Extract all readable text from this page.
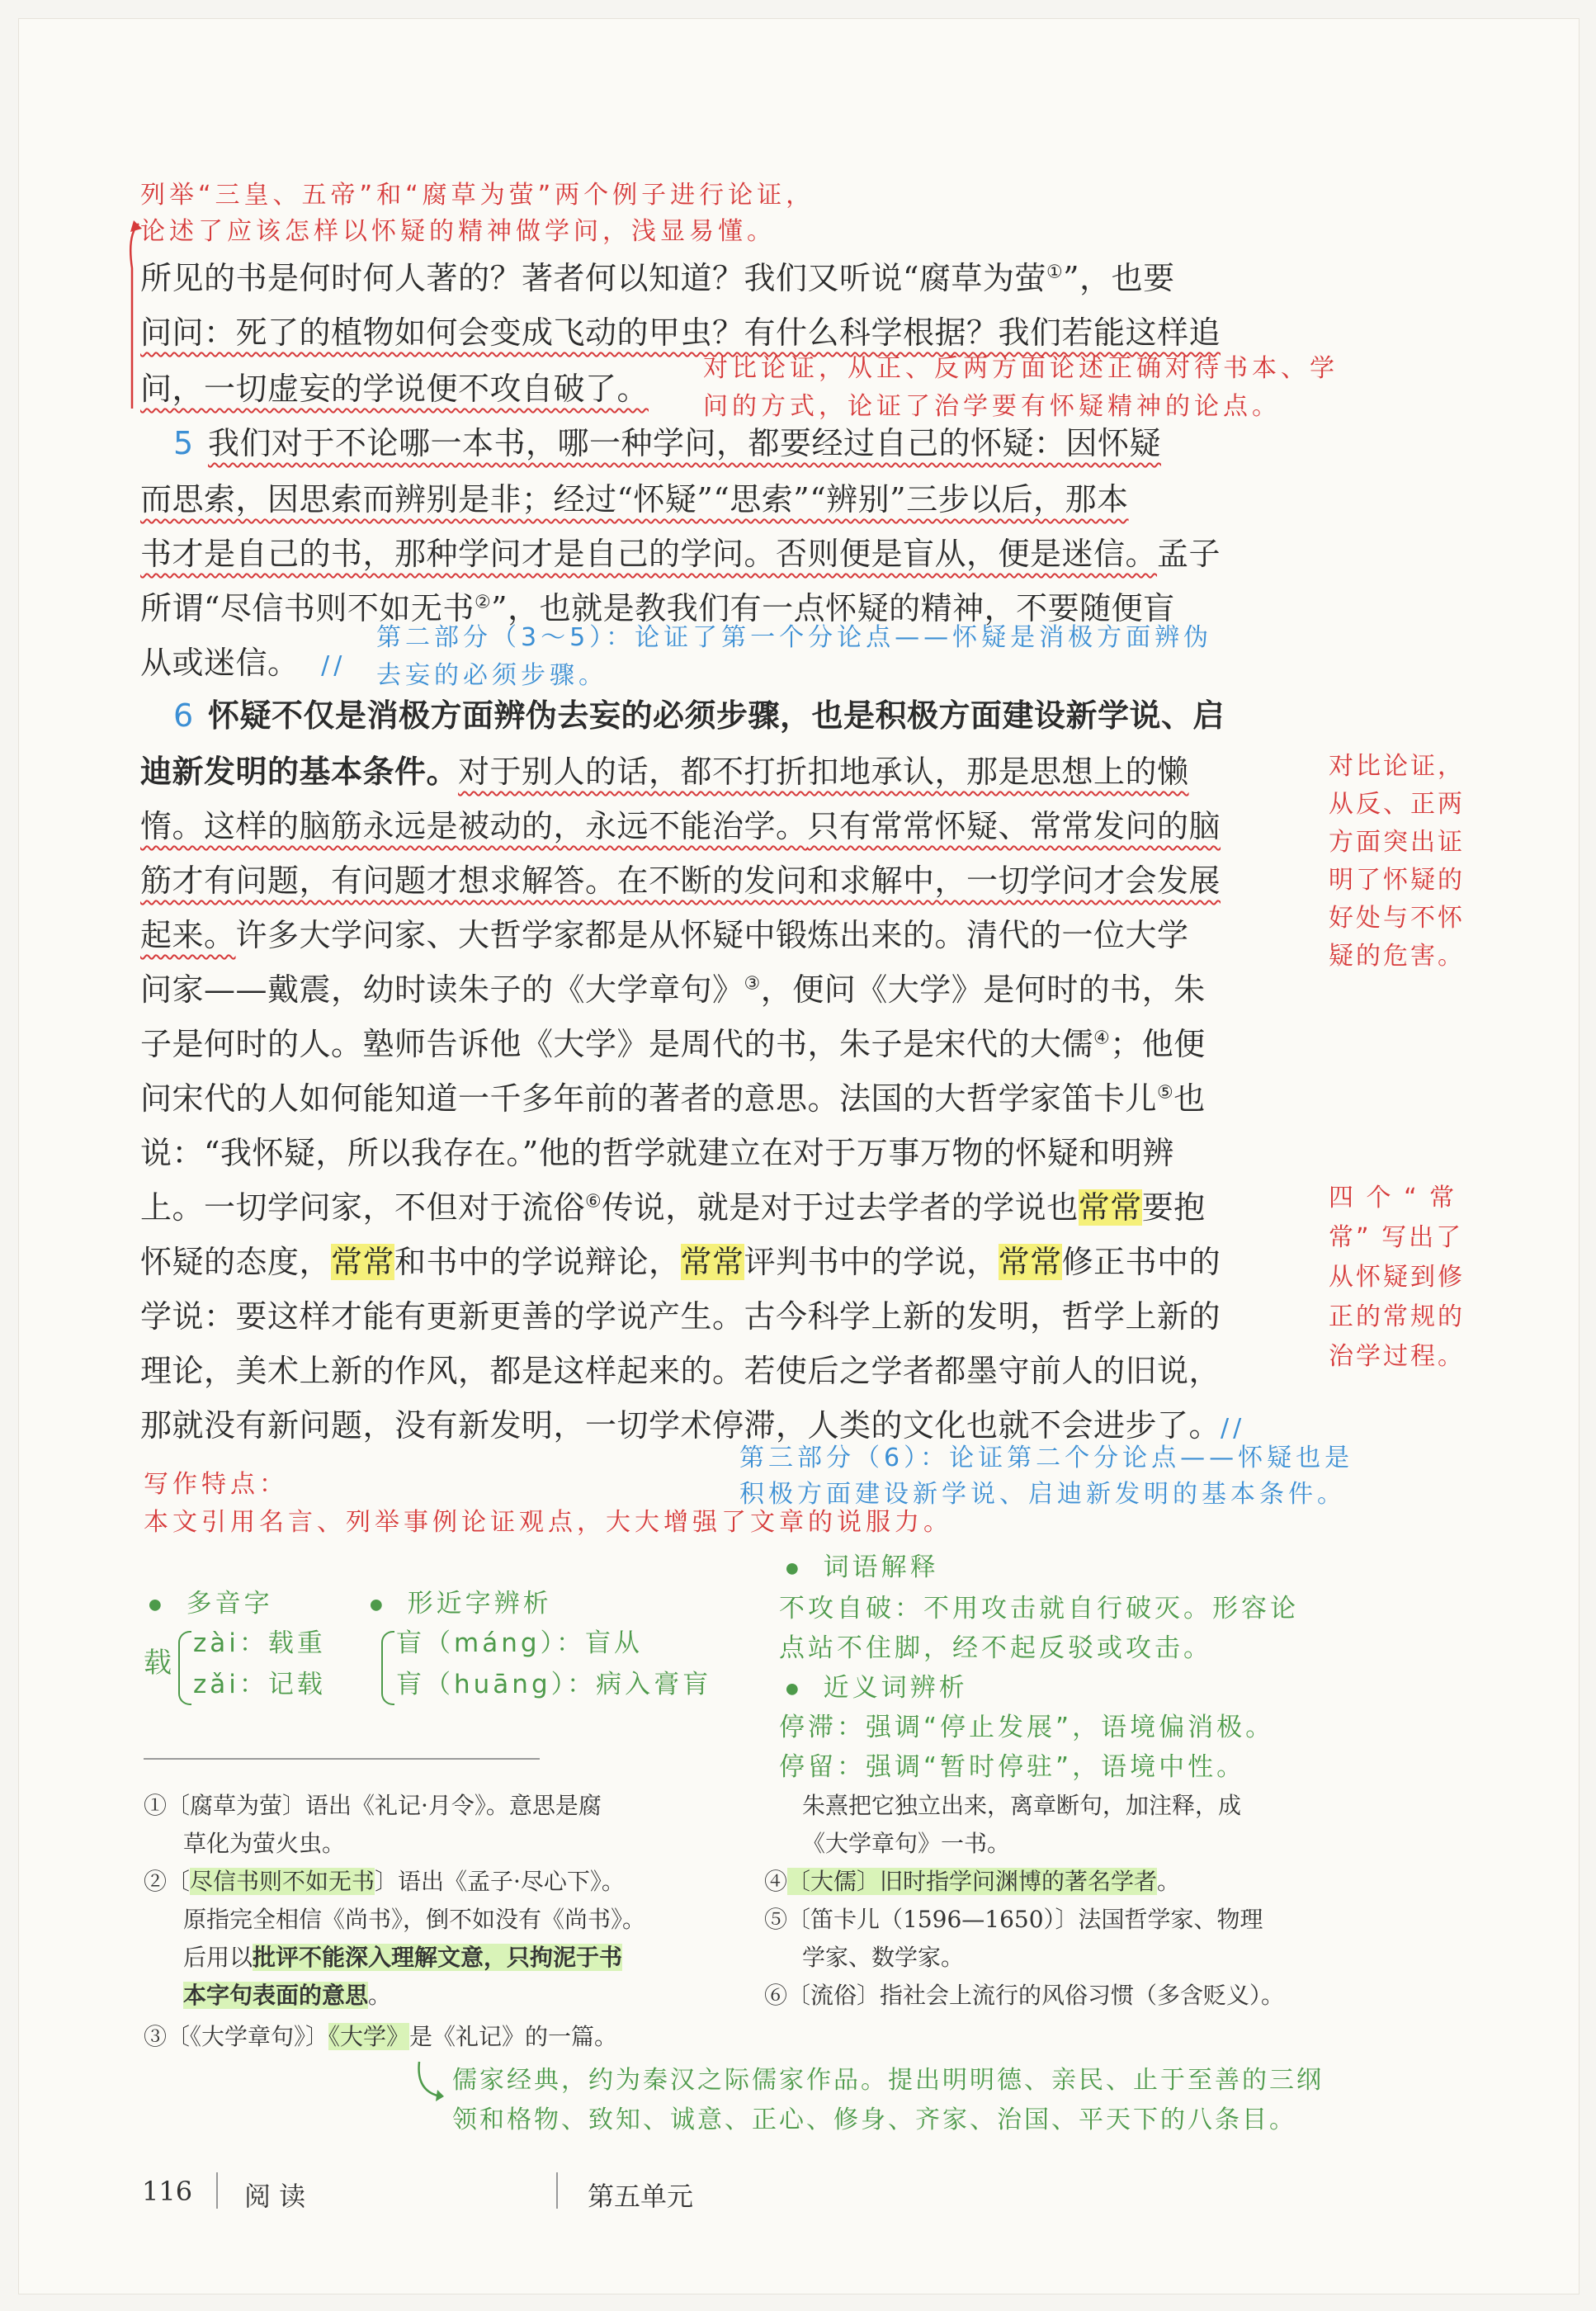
列举“三皇、五帝”和“腐草为萤”两个例子进行论证，
论述了应该怎样以怀疑的精神做学问，浅显易懂。
所见的书是何时何人著的？著者何以知道？我们又听说“腐草为萤①”，也要
问问：死了的植物如何会变成飞动的甲虫？有什么科学根据？我们若能这样追
问，一切虚妄的学说便不攻自破了。
对比论证，从正、反两方面论述正确对待书本、学
问的方式，论证了治学要有怀疑精神的论点。
5 我们对于不论哪一本书，哪一种学问，都要经过自己的怀疑：因怀疑
而思索，因思索而辨别是非；经过“怀疑”“思索”“辨别”三步以后，那本
书才是自己的书，那种学问才是自己的学问。否则便是盲从，便是迷信。孟子
所谓“尽信书则不如无书②”，也就是教我们有一点怀疑的精神，不要随便盲
从或迷信。 //
第二部分（3～5）：论证了第一个分论点——怀疑是消极方面辨伪
去妄的必须步骤。
6 怀疑不仅是消极方面辨伪去妄的必须步骤，也是积极方面建设新学说、启
迪新发明的基本条件。对于别人的话，都不打折扣地承认，那是思想上的懒
惰。这样的脑筋永远是被动的，永远不能治学。只有常常怀疑、常常发问的脑
筋才有问题，有问题才想求解答。在不断的发问和求解中，一切学问才会发展
起来。许多大学问家、大哲学家都是从怀疑中锻炼出来的。清代的一位大学
问家——戴震，幼时读朱子的《大学章句》③，便问《大学》是何时的书，朱
子是何时的人。塾师告诉他《大学》是周代的书，朱子是宋代的大儒④；他便
问宋代的人如何能知道一千多年前的著者的意思。法国的大哲学家笛卡儿⑤也
说：“我怀疑，所以我存在。”他的哲学就建立在对于万事万物的怀疑和明辨
上。一切学问家，不但对于流俗⑥传说，就是对于过去学者的学说也常常要抱
怀疑的态度，常常和书中的学说辩论，常常评判书中的学说，常常修正书中的
学说：要这样才能有更新更善的学说产生。古今科学上新的发明，哲学上新的
理论，美术上新的作风，都是这样起来的。若使后之学者都墨守前人的旧说，
那就没有新问题，没有新发明，一切学术停滞，人类的文化也就不会进步了。//
对比论证，
从反、正两
方面突出证
明了怀疑的
好处与不怀
疑的危害。
四 个 “ 常
常” 写出了
从怀疑到修
正的常规的
治学过程。
第三部分（6）：论证第二个分论点——怀疑也是
积极方面建设新学说、启迪新发明的基本条件。
写作特点：
本文引用名言、列举事例论证观点，大大增强了文章的说服力。
● 多音字
载
zài：载重
zǎi：记载
● 形近字辨析
盲（máng）：盲从
肓（huāng）：病入膏肓
● 词语解释
不攻自破：不用攻击就自行破灭。形容论
点站不住脚，经不起反驳或攻击。
● 近义词辨析
停滞：强调“停止发展”，语境偏消极。
停留：强调“暂时停驻”，语境中性。
①〔腐草为萤〕语出《礼记·月令》。意思是腐
草化为萤火虫。
②〔尽信书则不如无书〕语出《孟子·尽心下》。
原指完全相信《尚书》，倒不如没有《尚书》。
后用以批评不能深入理解文意，只拘泥于书
本字句表面的意思。
③〔《大学章句》〕《大学》是《礼记》的一篇。
朱熹把它独立出来，离章断句，加注释，成
《大学章句》一书。
④〔大儒〕旧时指学问渊博的著名学者。
⑤〔笛卡儿（1596—1650）〕法国哲学家、物理
学家、数学家。
⑥〔流俗〕指社会上流行的风俗习惯（多含贬义）。
儒家经典，约为秦汉之际儒家作品。提出明明德、亲民、止于至善的三纲
领和格物、致知、诚意、正心、修身、齐家、治国、平天下的八条目。
116 阅 读	第五单元
